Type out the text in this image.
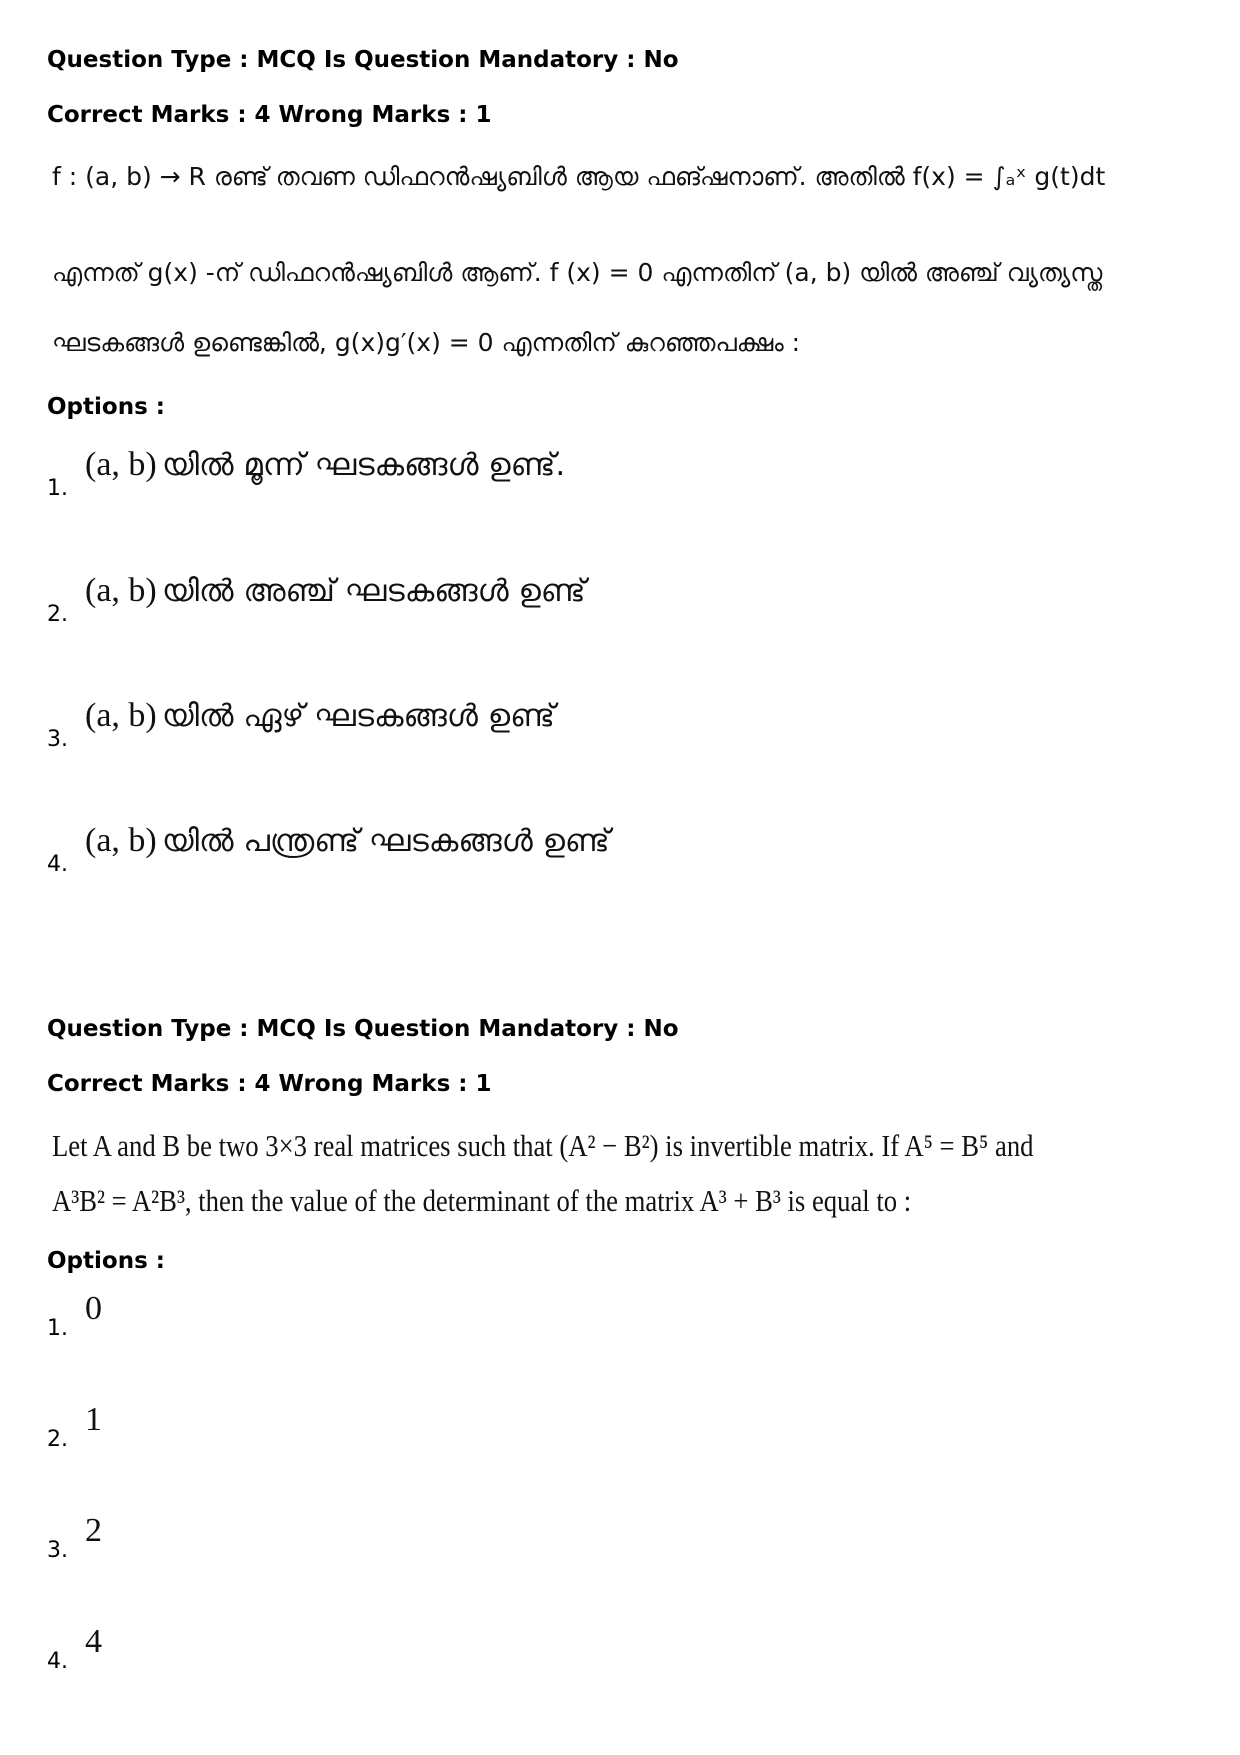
Question Type : MCQ Is Question Mandatory : No
Correct Marks : 4 Wrong Marks : 1
f : (a, b) → R രണ്ട് തവണ ഡിഫറൻഷ്യബിൾ ആയ ഫങ്ഷനാണ്. അതിൽ f(x) = ∫ₐˣ g(t)dt
എന്നത് g(x) -ന് ഡിഫറൻഷ്യബിൾ ആണ്. f (x) = 0 എന്നതിന് (a, b) യിൽ അഞ്ച് വ്യത്യസ്ത
ഘടകങ്ങൾ ഉണ്ടെങ്കിൽ, g(x)g′(x) = 0 എന്നതിന് കുറഞ്ഞപക്ഷം :
Options :
1.
(a, b) യിൽ മൂന്ന് ഘടകങ്ങൾ ഉണ്ട്.
2.
(a, b) യിൽ അഞ്ച് ഘടകങ്ങൾ ഉണ്ട്
3.
(a, b) യിൽ ഏഴ് ഘടകങ്ങൾ ഉണ്ട്
4.
(a, b) യിൽ പന്ത്രണ്ട് ഘടകങ്ങൾ ഉണ്ട്
Question Type : MCQ Is Question Mandatory : No
Correct Marks : 4 Wrong Marks : 1
Let A and B be two 3×3 real matrices such that (A² − B²) is invertible matrix. If A⁵ = B⁵ and
A³B² = A²B³, then the value of the determinant of the matrix A³ + B³ is equal to :
Options :
1.
0
2.
1
3.
2
4.
4
